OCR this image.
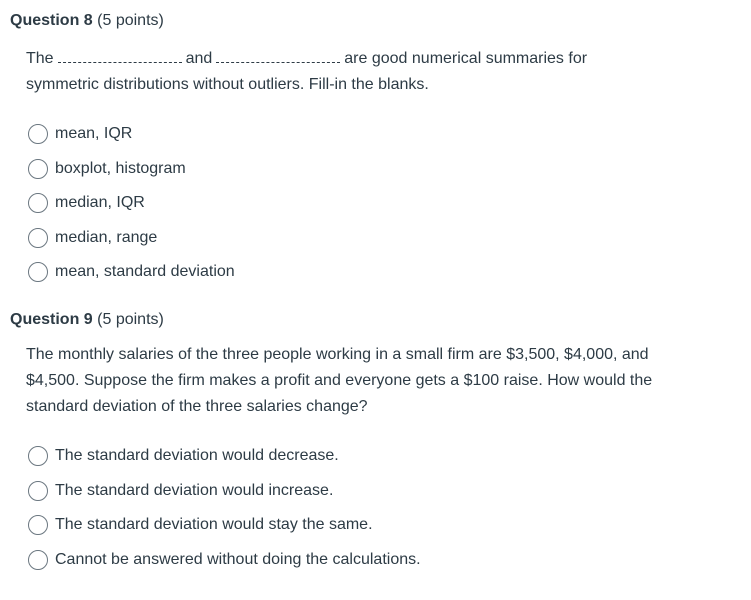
Question 8 (5 points)
The	and	are good numerical summaries for
symmetric distributions without outliers. Fill-in the blanks.
mean, IQR
boxplot, histogram
median, IQR
median, range
mean, standard deviation
Question 9 (5 points)
The monthly salaries of the three people working in a small firm are $3,500, $4,000, and $4,500. Suppose the firm makes a profit and everyone gets a $100 raise. How would the standard deviation of the three salaries change?
The standard deviation would decrease.
The standard deviation would increase.
The standard deviation would stay the same.
Cannot be answered without doing the calculations.
